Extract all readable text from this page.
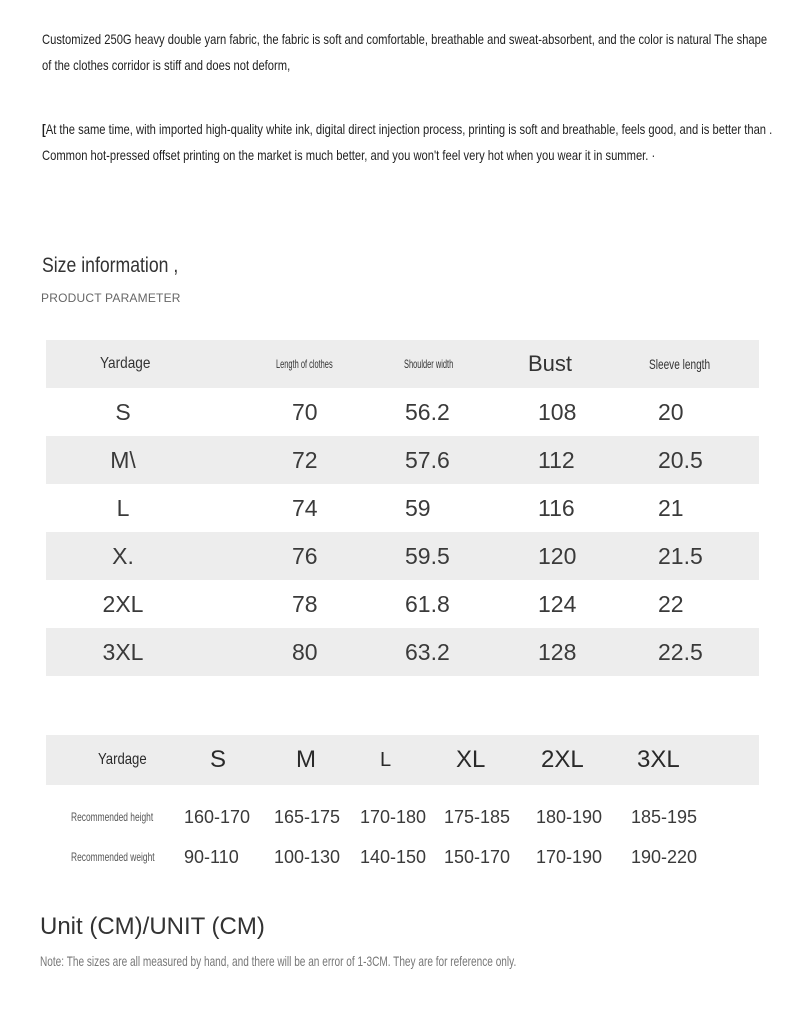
Customized 250G heavy double yarn fabric, the fabric is soft and comfortable, breathable and sweat-absorbent, and the color is natural The shape
of the clothes corridor is stiff and does not deform,
[At the same time, with imported high-quality white ink, digital direct injection process, printing is soft and breathable, feels good, and is better than .
Common hot-pressed offset printing on the market is much better, and you won't feel very hot when you wear it in summer. ·
Size information ,
PRODUCT PARAMETER
Yardage	Length of clothes	Shoulder width	Bust	Sleeve length
S	70	56.2	108	20
M\	72	57.6	112	20.5
L	74	59	116	21
X.	76	59.5	120	21.5
2XL	78	61.8	124	22
3XL	80	63.2	128	22.5
Yardage	S	M	L	XL 2XL 3XL
Recommended height 160-170 165-175 170-180 175-185 180-190 185-195
Recommended weight 90-110 100-130 140-150 150-170 170-190 190-220
Unit (CM)/UNIT (CM)
Note: The sizes are all measured by hand, and there will be an error of 1-3CM. They are for reference only.
